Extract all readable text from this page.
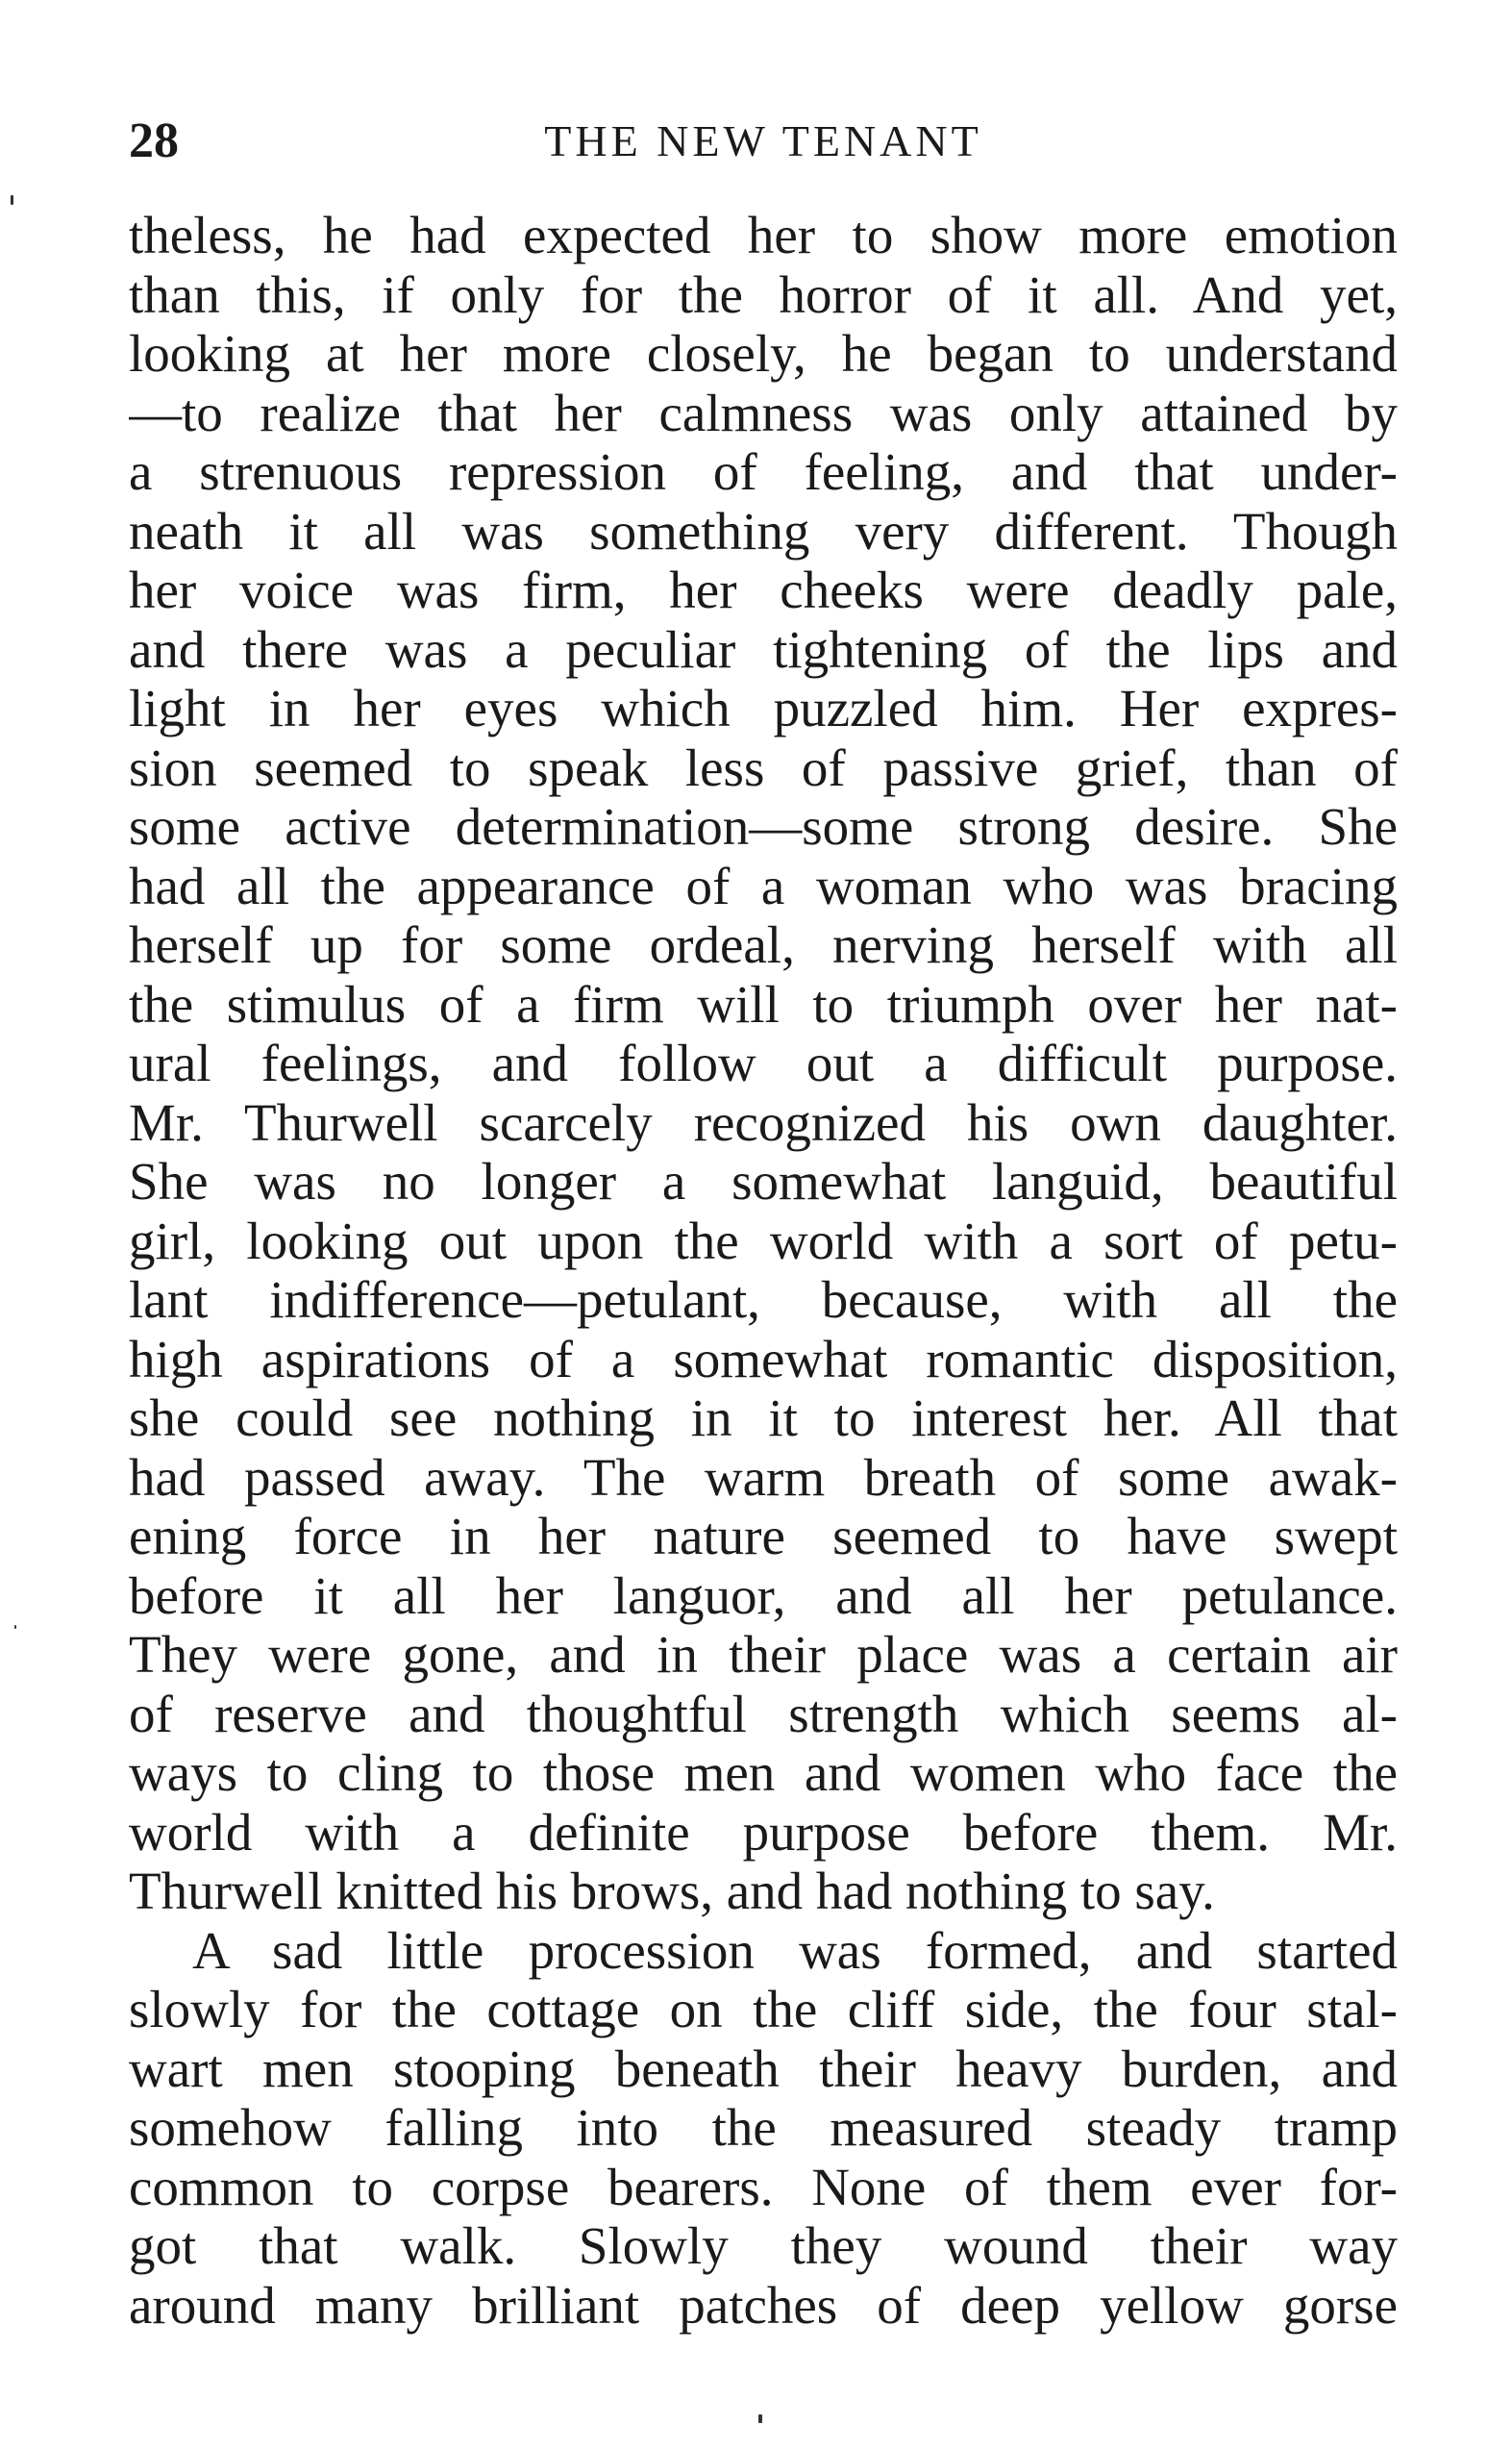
28	THE NEW TENANT
theless, he had expected her to show more emotion
than this, if only for the horror of it all. And yet,
looking at her more closely, he began to understand
—to realize that her calmness was only attained by
a strenuous repression of feeling, and that under-
neath it all was something very different. Though
her voice was firm, her cheeks were deadly pale,
and there was a peculiar tightening of the lips and
light in her eyes which puzzled him. Her expres-
sion seemed to speak less of passive grief, than of
some active determination—some strong desire. She
had all the appearance of a woman who was bracing
herself up for some ordeal, nerving herself with all
the stimulus of a firm will to triumph over her nat-
ural feelings, and follow out a difficult purpose.
Mr. Thurwell scarcely recognized his own daughter.
She was no longer a somewhat languid, beautiful
girl, looking out upon the world with a sort of petu-
lant indifference—petulant, because, with all the
high aspirations of a somewhat romantic disposition,
she could see nothing in it to interest her. All that
had passed away. The warm breath of some awak-
ening force in her nature seemed to have swept
before it all her languor, and all her petulance.
They were gone, and in their place was a certain air
of reserve and thoughtful strength which seems al-
ways to cling to those men and women who face the
world with a definite purpose before them. Mr.
Thurwell knitted his brows, and had nothing to say.
A sad little procession was formed, and started
slowly for the cottage on the cliff side, the four stal-
wart men stooping beneath their heavy burden, and
somehow falling into the measured steady tramp
common to corpse bearers. None of them ever for-
got that walk. Slowly they wound their way
around many brilliant patches of deep yellow gorse
